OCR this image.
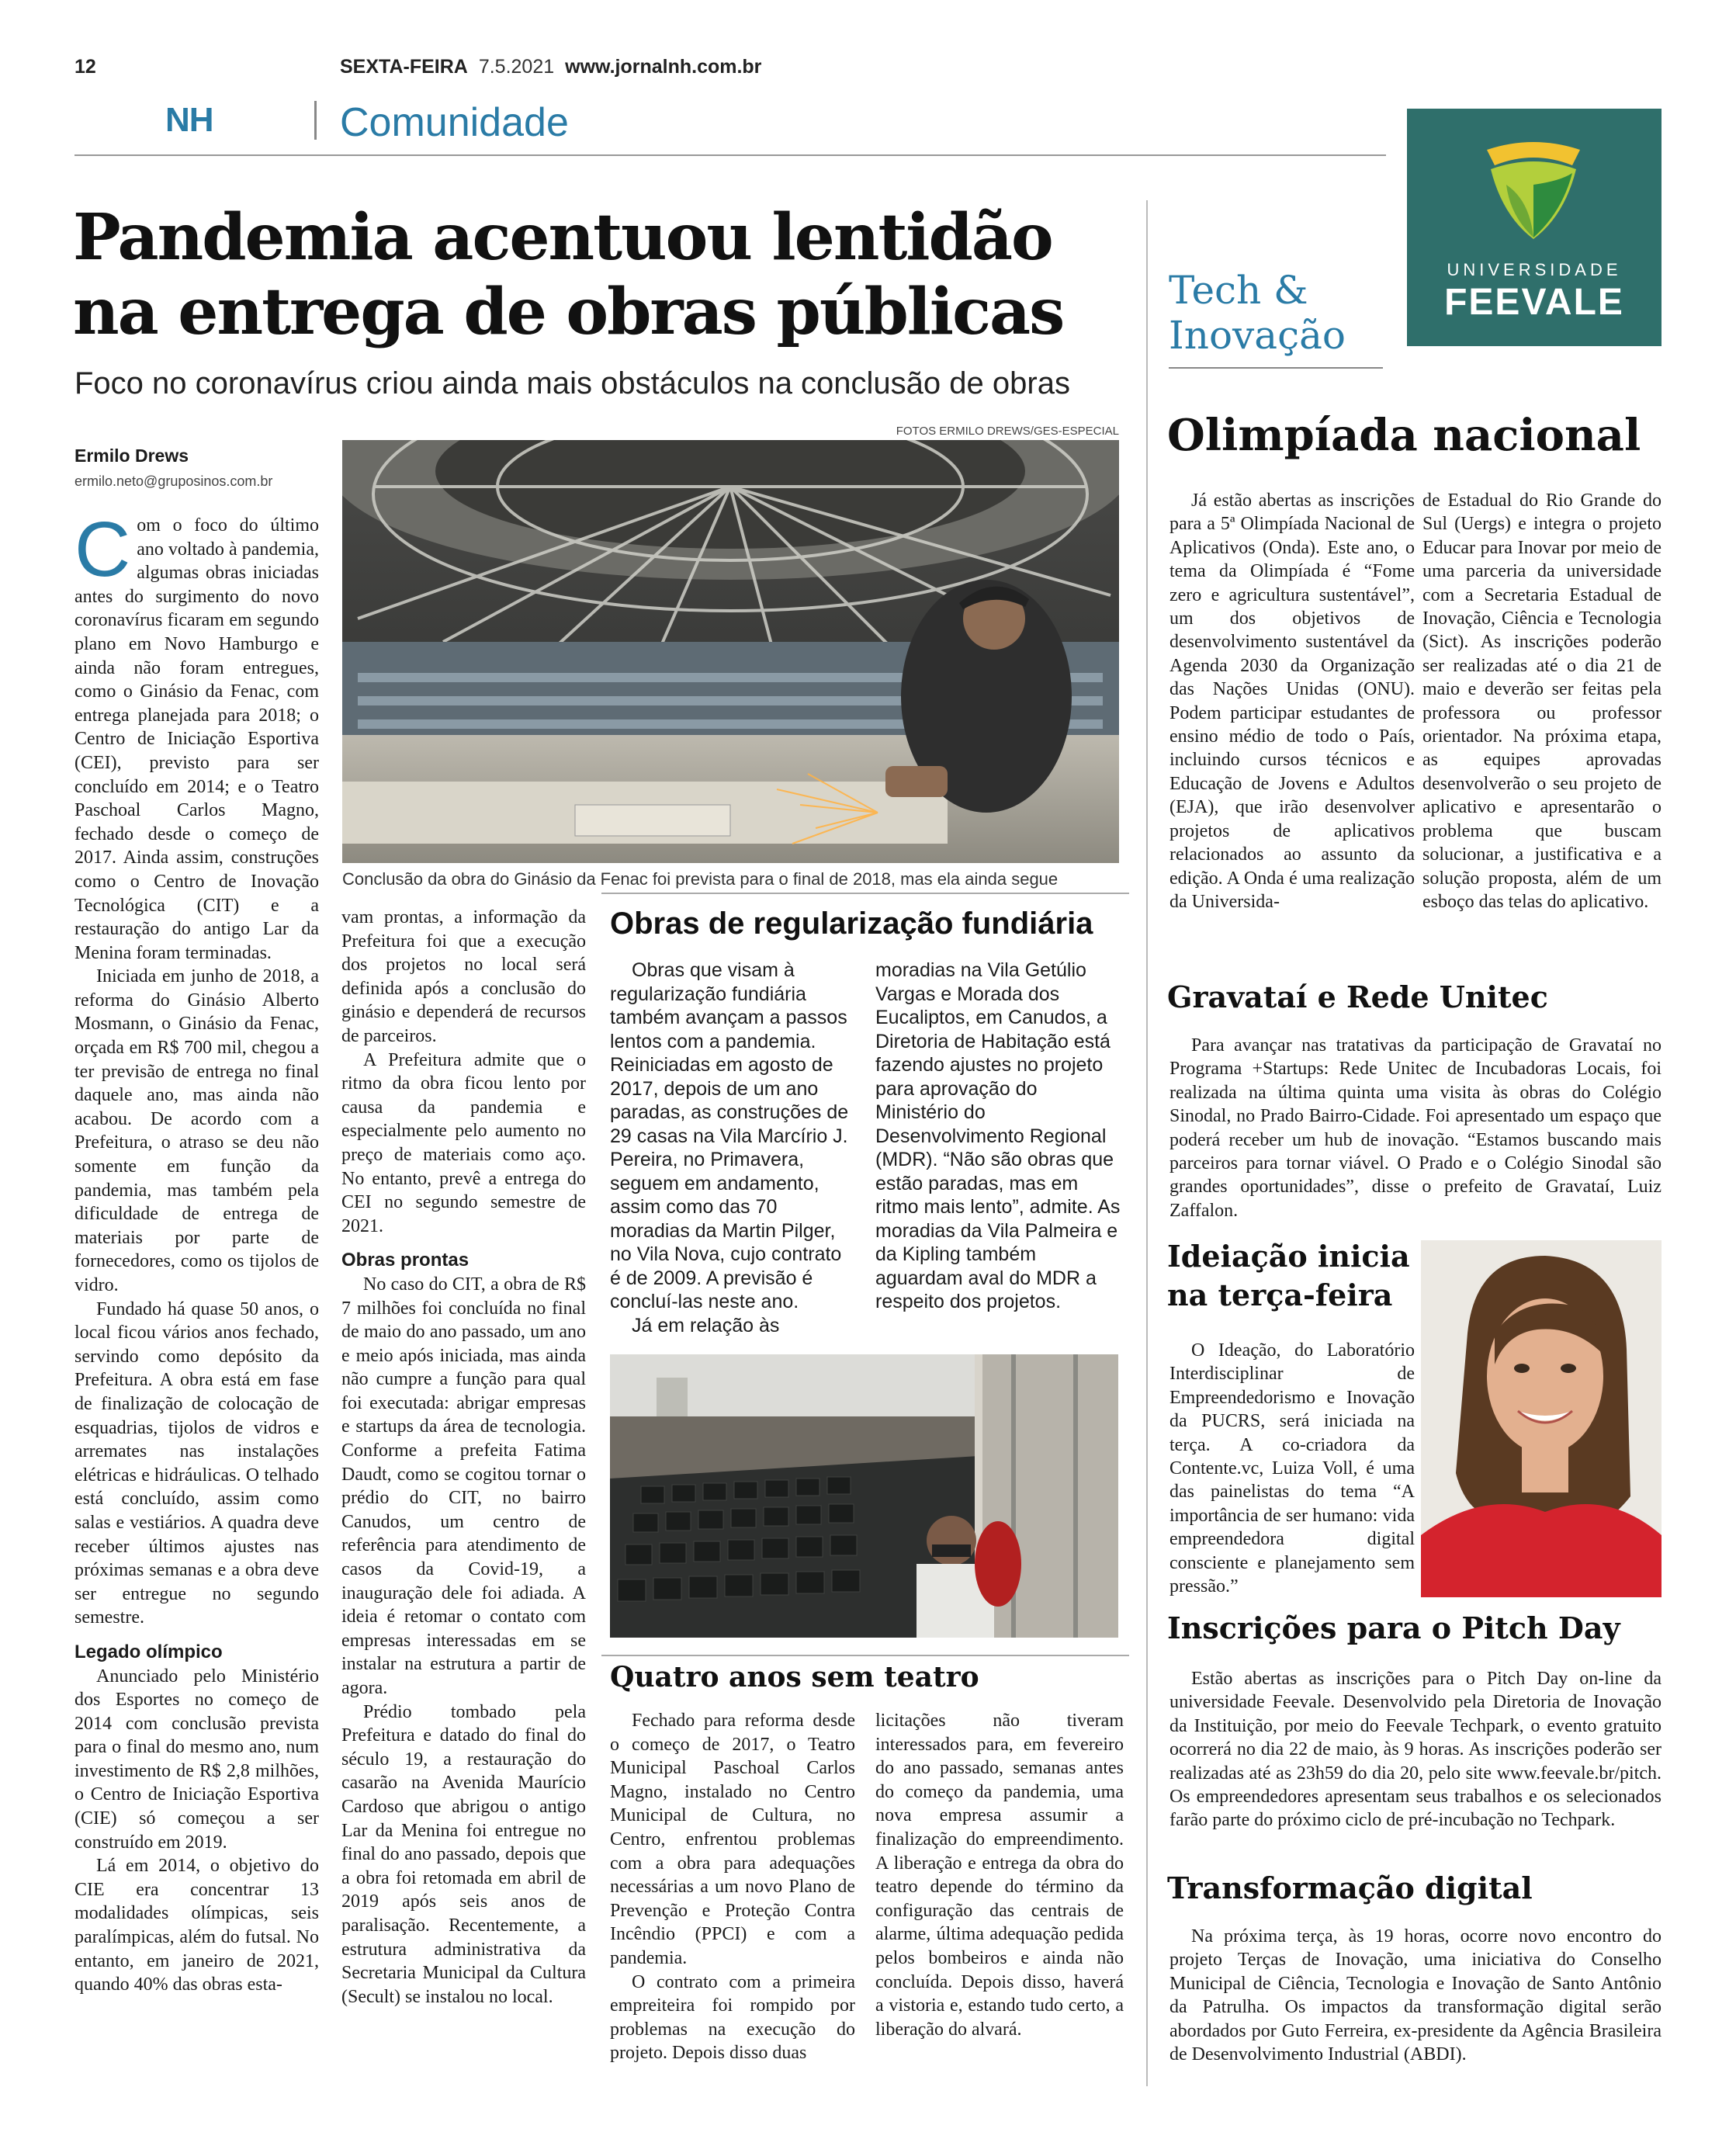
12	SEXTA-FEIRA 7.5.2021 www.jornalnh.com.br
NH	Comunidade
Pandemia acentuou lentidão
na entrega de obras públicas
Foco no coronavírus criou ainda mais obstáculos na conclusão de obras
Ermilo Drews
ermilo.neto@gruposinos.com.br
FOTOS ERMILO DREWS/GES-ESPECIAL
Conclusão da obra do Ginásio da Fenac foi prevista para o final de 2018, mas ela ainda segue
C om o foco do último ano voltado à pandemia, algumas obras iniciadas antes do surgimento do novo coronavírus ficaram em segundo plano em Novo Hamburgo e ainda não foram entregues, como o Ginásio da Fenac, com entrega planejada para 2018; o Centro de Iniciação Esportiva (CEI), previsto para ser concluído em 2014; e o Teatro Paschoal Carlos Magno, fechado desde o começo de 2017. Ainda assim, construções como o Centro de Inovação Tecnológica (CIT) e a restauração do antigo Lar da Menina foram terminadas.

Iniciada em junho de 2018, a reforma do Ginásio Alberto Mosmann, o Ginásio da Fenac, orçada em R$ 700 mil, chegou a ter previsão de entrega no final daquele ano, mas ainda não acabou. De acordo com a Prefeitura, o atraso se deu não somente em função da pandemia, mas também pela dificuldade de entrega de materiais por parte de fornecedores, como os tijolos de vidro.

Fundado há quase 50 anos, o local ficou vários anos fechado, servindo como depósito da Prefeitura. A obra está em fase de finalização de colocação de esquadrias, tijolos de vidros e arremates nas instalações elétricas e hidráulicas. O telhado está concluído, assim como salas e vestiários. A quadra deve receber últimos ajustes nas próximas semanas e a obra deve ser entregue no segundo semestre.

Legado olímpico

Anunciado pelo Ministério dos Esportes no começo de 2014 com conclusão prevista para o final do mesmo ano, num investimento de R$ 2,8 milhões, o Centro de Iniciação Esportiva (CIE) só começou a ser construído em 2019.

Lá em 2014, o objetivo do CIE era concentrar 13 modalidades olímpicas, seis paralímpicas, além do futsal. No entanto, em janeiro de 2021, quando 40% das obras esta-

vam prontas, a informação da Prefeitura foi que a execução dos projetos no local será definida após a conclusão do ginásio e dependerá de recursos de parceiros.

A Prefeitura admite que o ritmo da obra ficou lento por causa da pandemia e especialmente pelo aumento no preço de materiais como aço. No entanto, prevê a entrega do CEI no segundo semestre de 2021.

Obras prontas

No caso do CIT, a obra de R$ 7 milhões foi concluída no final de maio do ano passado, um ano e meio após iniciada, mas ainda não cumpre a função para qual foi executada: abrigar empresas e startups da área de tecnologia. Conforme a prefeita Fatima Daudt, como se cogitou tornar o prédio do CIT, no bairro Canudos, um centro de referência para atendimento de casos da Covid-19, a inauguração dele foi adiada. A ideia é retomar o contato com empresas interessadas em se instalar na estrutura a partir de agora.

Prédio tombado pela Prefeitura e datado do final do século 19, a restauração do casarão na Avenida Maurício Cardoso que abrigou o antigo Lar da Menina foi entregue no final do ano passado, depois que a obra foi retomada em abril de 2019 após seis anos de paralisação. Recentemente, a estrutura administrativa da Secretaria Municipal da Cultura (Secult) se instalou no local.

Obras de regularização fundiária

Obras que visam à regularização fundiária também avançam a passos lentos com a pandemia. Reiniciadas em agosto de 2017, depois de um ano paradas, as construções de 29 casas na Vila Marcírio J. Pereira, no Primavera, seguem em andamento, assim como das 70 moradias da Martin Pilger, no Vila Nova, cujo contrato é de 2009. A previsão é concluí-las neste ano.

Já em relação às

moradias na Vila Getúlio Vargas e Morada dos Eucaliptos, em Canudos, a Diretoria de Habitação está fazendo ajustes no projeto para aprovação do Ministério do Desenvolvimento Regional (MDR). “Não são obras que estão paradas, mas em ritmo mais lento”, admite. As moradias da Vila Palmeira e da Kipling também aguardam aval do MDR a respeito dos projetos.

Quatro anos sem teatro

Fechado para reforma desde o começo de 2017, o Teatro Municipal Paschoal Carlos Magno, instalado no Centro Municipal de Cultura, no Centro, enfrentou problemas com a obra para adequações necessárias a um novo Plano de Prevenção e Proteção Contra Incêndio (PPCI) e com a pandemia.

O contrato com a primeira empreiteira foi rompido por problemas na execução do projeto. Depois disso duas

licitações não tiveram interessados para, em fevereiro do ano passado, semanas antes do começo da pandemia, uma nova empresa assumir a finalização do empreendimento. A liberação e entrega da obra do teatro depende do término da configuração das centrais de alarme, última adequação pedida pelos bombeiros e ainda não concluída. Depois disso, haverá a vistoria e, estando tudo certo, a liberação do alvará.

Tech &
Inovação
UNIVERSIDADE
FEEVALE
Olimpíada nacional

Já estão abertas as inscrições para a 5ª Olimpíada Nacional de Aplicativos (Onda). Este ano, o tema da Olimpíada é “Fome zero e agricultura sustentável”, um dos objetivos de desenvolvimento sustentável da Agenda 2030 da Organização das Nações Unidas (ONU). Podem participar estudantes de ensino médio de todo o País, incluindo cursos técnicos e Educação de Jovens e Adultos (EJA), que irão desenvolver projetos de aplicativos relacionados ao assunto da edição. A Onda é uma realização da Universida-

de Estadual do Rio Grande do Sul (Uergs) e integra o projeto Educar para Inovar por meio de uma parceria da universidade com a Secretaria Estadual de Inovação, Ciência e Tecnologia (Sict). As inscrições poderão ser realizadas até o dia 21 de maio e deverão ser feitas pela professora ou professor orientador. Na próxima etapa, as equipes aprovadas desenvolverão o seu projeto de aplicativo e apresentarão o problema que buscam solucionar, a justificativa e a solução proposta, além de um esboço das telas do aplicativo.

Gravataí e Rede Unitec

Para avançar nas tratativas da participação de Gravataí no Programa +Startups: Rede Unitec de Incubadoras Locais, foi realizada na última quinta uma visita às obras do Colégio Sinodal, no Prado Bairro-Cidade. Foi apresentado um espaço que poderá receber um hub de inovação. “Estamos buscando mais parceiros para tornar viável. O Prado e o Colégio Sinodal são grandes oportunidades”, disse o prefeito de Gravataí, Luiz Zaffalon.

Ideiação inicia
na terça-feira

O Ideação, do Laboratório Interdisciplinar de Empreendedorismo e Inovação da PUCRS, será iniciada na terça. A co-criadora da Contente.vc, Luiza Voll, é uma das painelistas do tema “A importância de ser humano: vida empreendedora digital consciente e planejamento sem pressão.”

Inscrições para o Pitch Day

Estão abertas as inscrições para o Pitch Day on-line da universidade Feevale. Desenvolvido pela Diretoria de Inovação da Instituição, por meio do Feevale Techpark, o evento gratuito ocorrerá no dia 22 de maio, às 9 horas. As inscrições poderão ser realizadas até as 23h59 do dia 20, pelo site www.feevale.br/pitch. Os empreendedores apresentam seus trabalhos e os selecionados farão parte do próximo ciclo de pré-incubação no Techpark.

Transformação digital

Na próxima terça, às 19 horas, ocorre novo encontro do projeto Terças de Inovação, uma iniciativa do Conselho Municipal de Ciência, Tecnologia e Inovação de Santo Antônio da Patrulha. Os impactos da transformação digital serão abordados por Guto Ferreira, ex-presidente da Agência Brasileira de Desenvolvimento Industrial (ABDI).
